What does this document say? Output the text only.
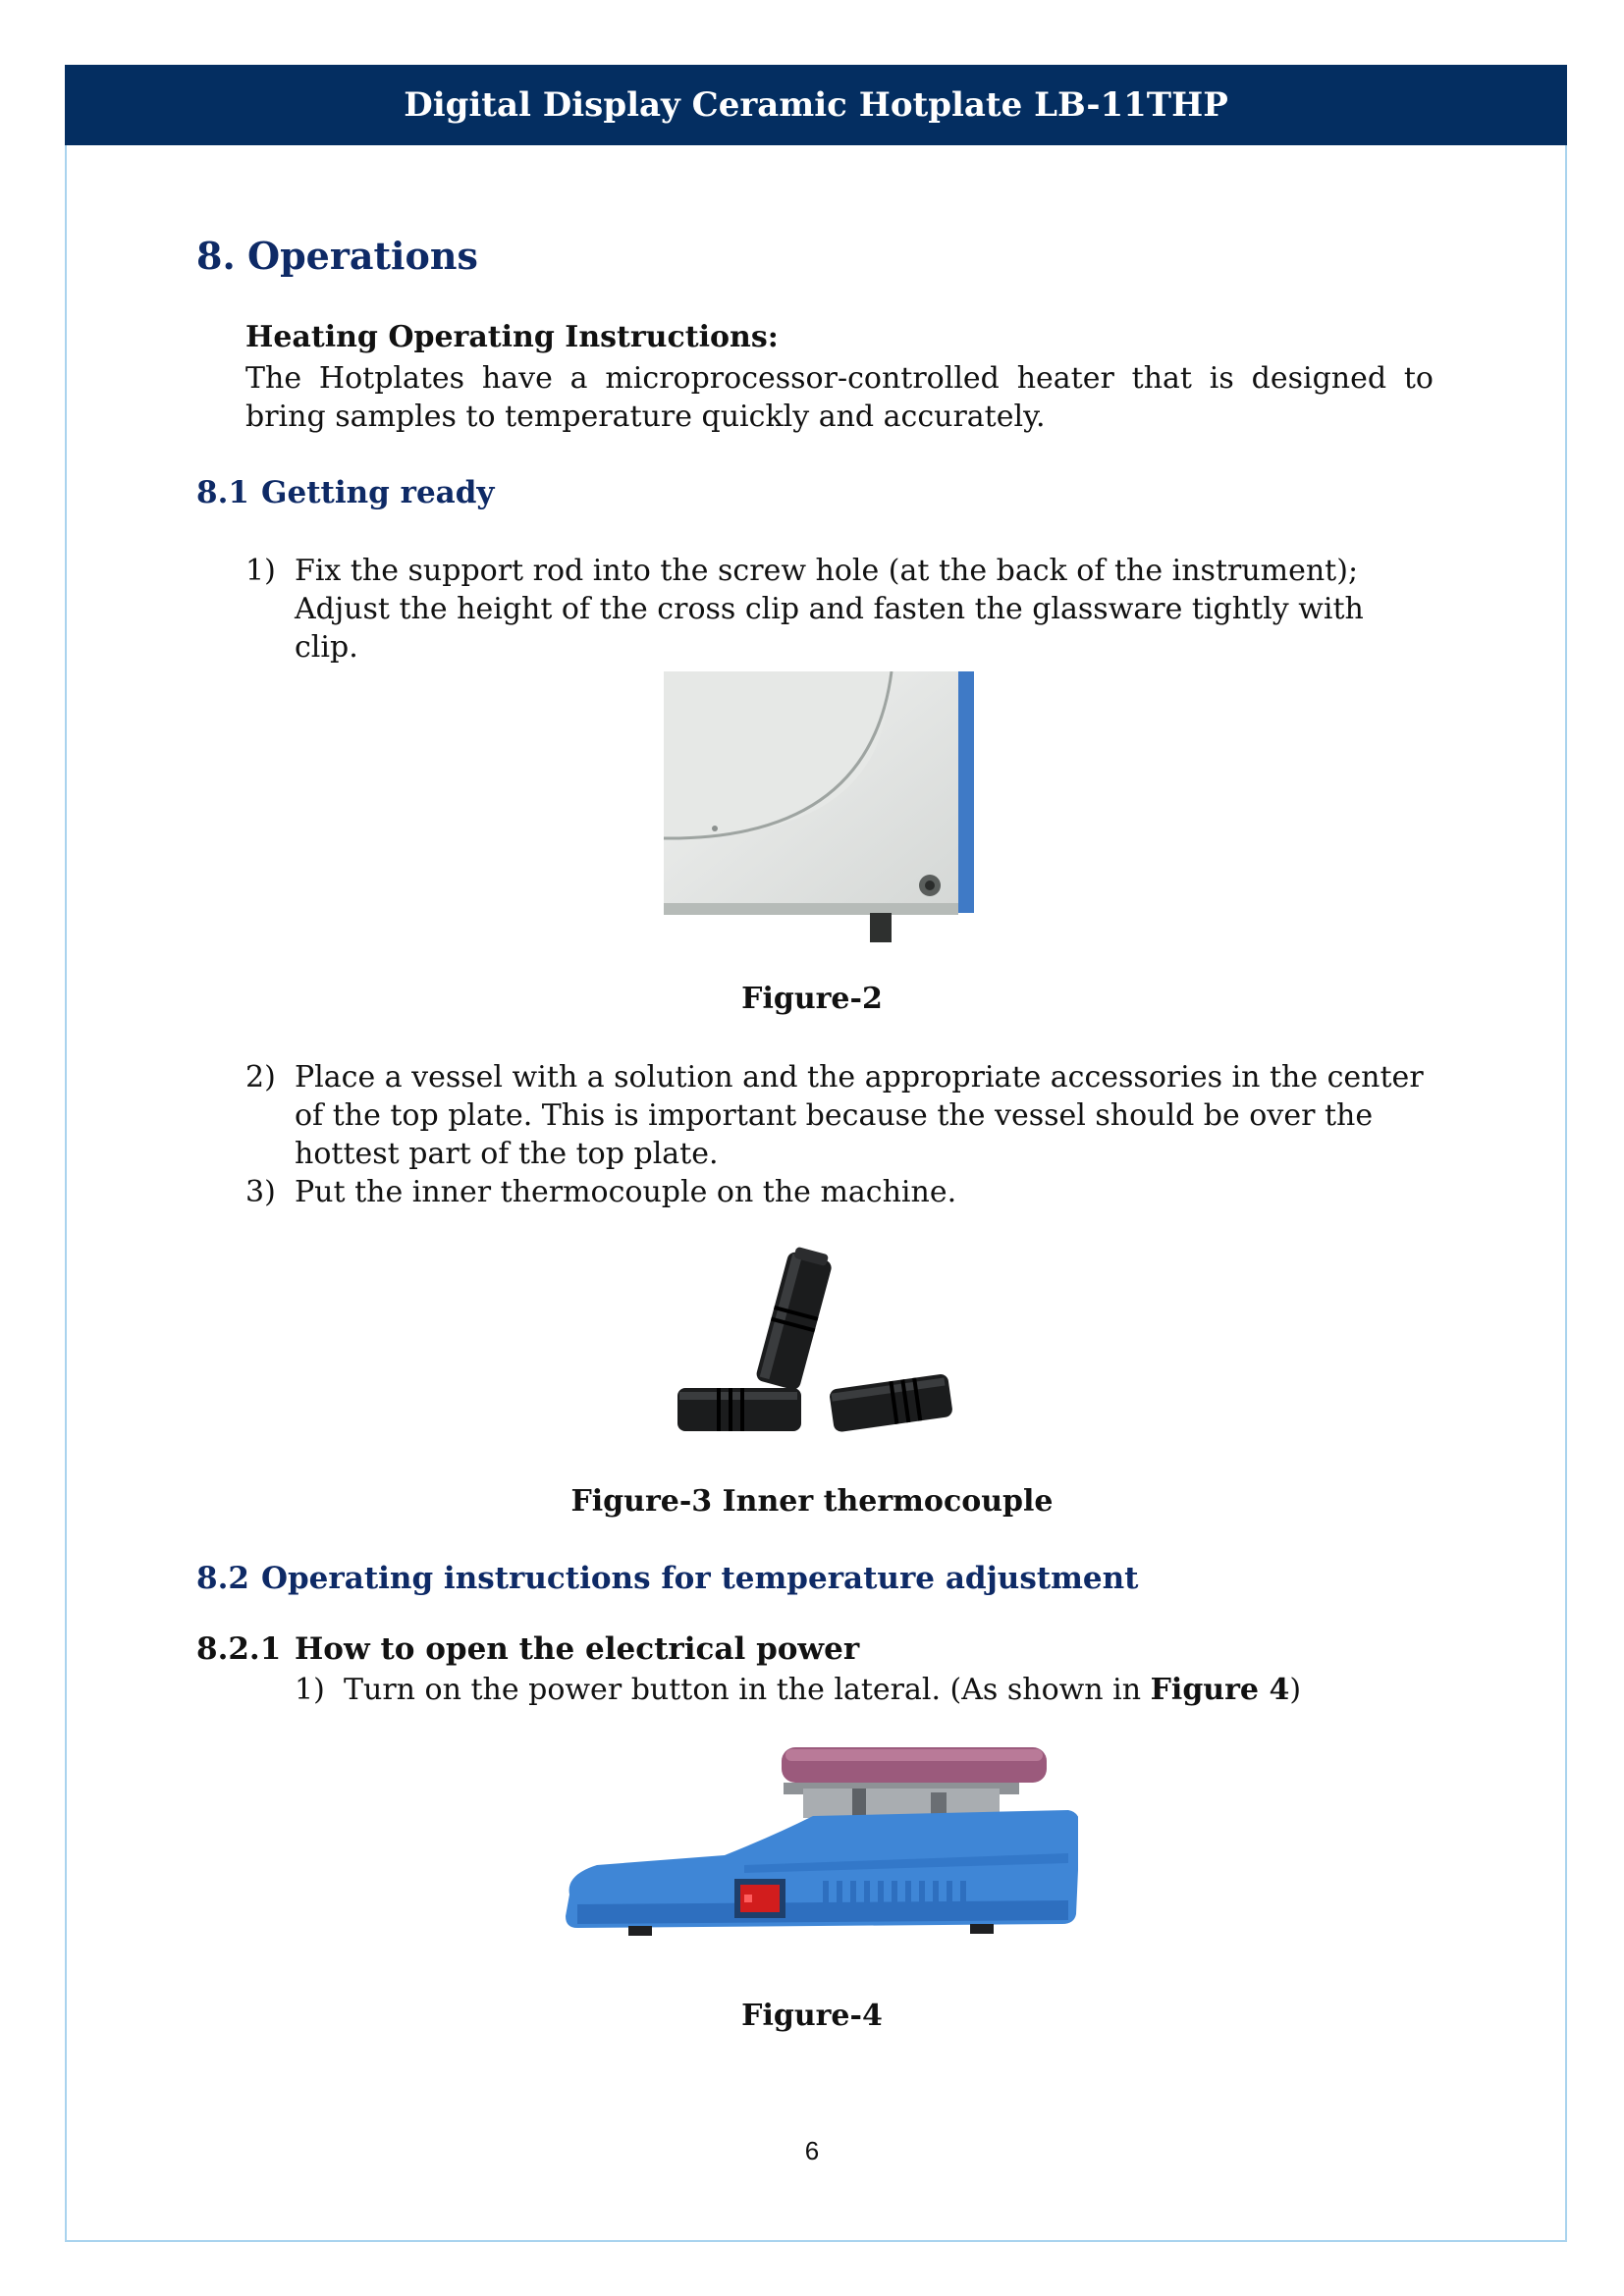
Digital Display Ceramic Hotplate LB-11THP
8. Operations
Heating Operating Instructions:
The Hotplates have a microprocessor-controlled heater that is designed to bring samples to temperature quickly and accurately.
8.1 Getting ready
1) Fix the support rod into the screw hole (at the back of the instrument); Adjust the height of the cross clip and fasten the glassware tightly with clip.
Figure-2
2) Place a vessel with a solution and the appropriate accessories in the center of the top plate. This is important because the vessel should be over the hottest part of the top plate.
3) Put the inner thermocouple on the machine.
Figure-3 Inner thermocouple
8.2 Operating instructions for temperature adjustment
8.2.1 How to open the electrical power
1) Turn on the power button in the lateral. (As shown in Figure 4)
Figure-4
6
